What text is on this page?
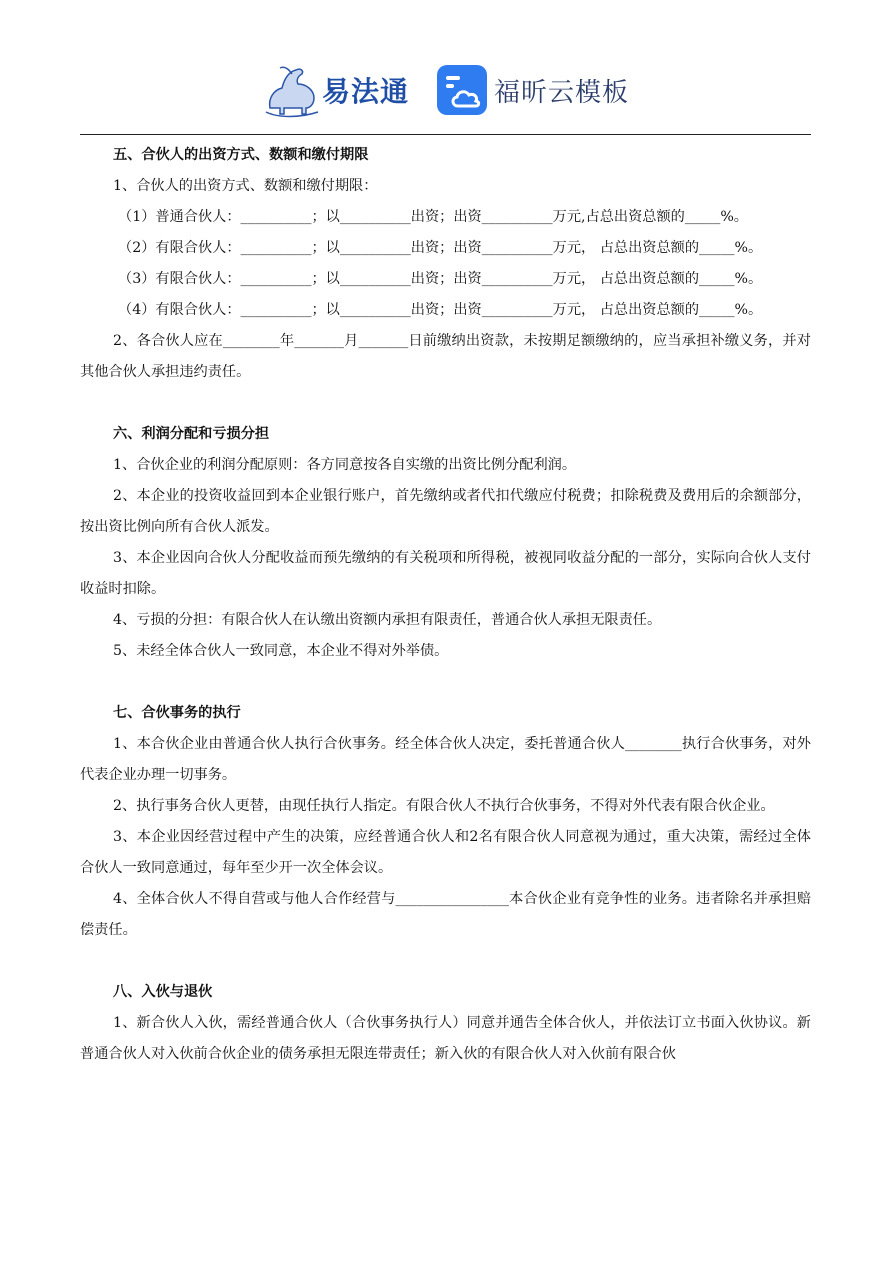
易法通	福昕云模板
五、合伙人的出资方式、数额和缴付期限
1、合伙人的出资方式、数额和缴付期限：
（1）普通合伙人：__________；以__________出资；出资__________万元,占总出资总额的_____%。
（2）有限合伙人：__________；以__________出资；出资__________万元， 占总出资总额的_____%。
（3）有限合伙人：__________；以__________出资；出资__________万元， 占总出资总额的_____%。
（4）有限合伙人：__________；以__________出资；出资__________万元， 占总出资总额的_____%。
2、各合伙人应在________年_______月_______日前缴纳出资款，未按期足额缴纳的，应当承担补缴义务，并对其他合伙人承担违约责任。
六、利润分配和亏损分担
1、合伙企业的利润分配原则：各方同意按各自实缴的出资比例分配利润。
2、本企业的投资收益回到本企业银行账户，首先缴纳或者代扣代缴应付税费；扣除税费及费用后的余额部分，按出资比例向所有合伙人派发。
3、本企业因向合伙人分配收益而预先缴纳的有关税项和所得税，被视同收益分配的一部分，实际向合伙人支付收益时扣除。
4、亏损的分担：有限合伙人在认缴出资额内承担有限责任，普通合伙人承担无限责任。
5、未经全体合伙人一致同意，本企业不得对外举债。
七、合伙事务的执行
1、本合伙企业由普通合伙人执行合伙事务。经全体合伙人决定，委托普通合伙人________执行合伙事务，对外代表企业办理一切事务。
2、执行事务合伙人更替，由现任执行人指定。有限合伙人不执行合伙事务，不得对外代表有限合伙企业。
3、本企业因经营过程中产生的决策，应经普通合伙人和2名有限合伙人同意视为通过，重大决策，需经过全体合伙人一致同意通过，每年至少开一次全体会议。
4、全体合伙人不得自营或与他人合作经营与________________本合伙企业有竞争性的业务。违者除名并承担赔偿责任。
八、入伙与退伙
1、新合伙人入伙，需经普通合伙人（合伙事务执行人）同意并通告全体合伙人，并依法订立书面入伙协议。新普通合伙人对入伙前合伙企业的债务承担无限连带责任；新入伙的有限合伙人对入伙前有限合伙
